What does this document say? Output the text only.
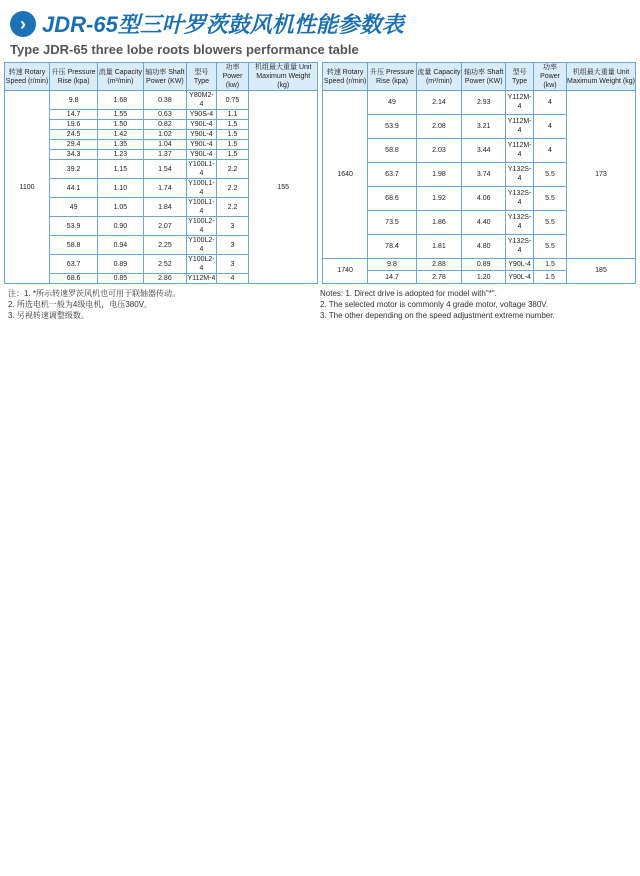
› JDR-65型三叶罗茨鼓风机性能参数表
Type JDR-65 three lobe roots blowers performance table
转速 Rotary Speed (r/min)	升压 Pressure Rise (kpa)	流量 Capacity (m³/min)	轴功率 Shaft Power (KW)	型号 Type	功率 Power (kw)	机组最大重量 Unit Maximum Weight (kg)
1100	9.8	1.68	0.38	Y80M2-4	0.75	155
	14.7	1.55	0.63	Y90S-4	1.1	
	19.6	1.50	0.82	Y90L-4	1.5	
	24.5	1.42	1.02	Y90L-4	1.5	
	29.4	1.35	1.04	Y90L-4	1.5	
	34.3	1.23	1.37	Y90L-4	1.5	
	39.2	1.15	1.54	Y100L1-4	2.2	
	44.1	1.10	1.74	Y100L1-4	2.2	
	49	1.05	1.84	Y100L1-4	2.2	
	53.9	0.90	2.07	Y100L2-4	3	
	58.8	0.94	2.25	Y100L2-4	3	
	63.7	0.89	2.52	Y100L2-4	3	
	68.6	0.85	2.86	Y112M-4	4	
转速 Rotary Speed (r/min)	升压 Pressure Rise (kpa)	流量 Capacity (m³/min)	轴功率 Shaft Power (KW)	型号 Type	功率 Power (kw)	机组最大重量 Unit Maximum Weight (kg)
1640	49	2.14	2.93	Y112M-4	4	173
	53.9	2.08	3.21	Y112M-4	4	
	58.8	2.03	3.44	Y112M-4	4	
	63.7	1.98	3.74	Y132S-4	5.5	
	68.6	1.92	4.06	Y132S-4	5.5	
	73.5	1.86	4.40	Y132S-4	5.5	
	78.4	1.81	4.80	Y132S-4	5.5	
1740	9.8	2.88	0.89	Y90L-4	1.5	185
	14.7	2.78	1.20	Y90L-4	1.5	
注：1. *所示转速罗茨风机也可用于联轴器传动。
2. 所选电机一般为4级电机，电压380V。
3. 另视转速调整级数。
Notes: 1. Direct drive is adopted for model with"*".
2. The selected motor is commonly 4 grade motor, voltage 380V.
3. The other depending on the speed adjustment extreme number.
